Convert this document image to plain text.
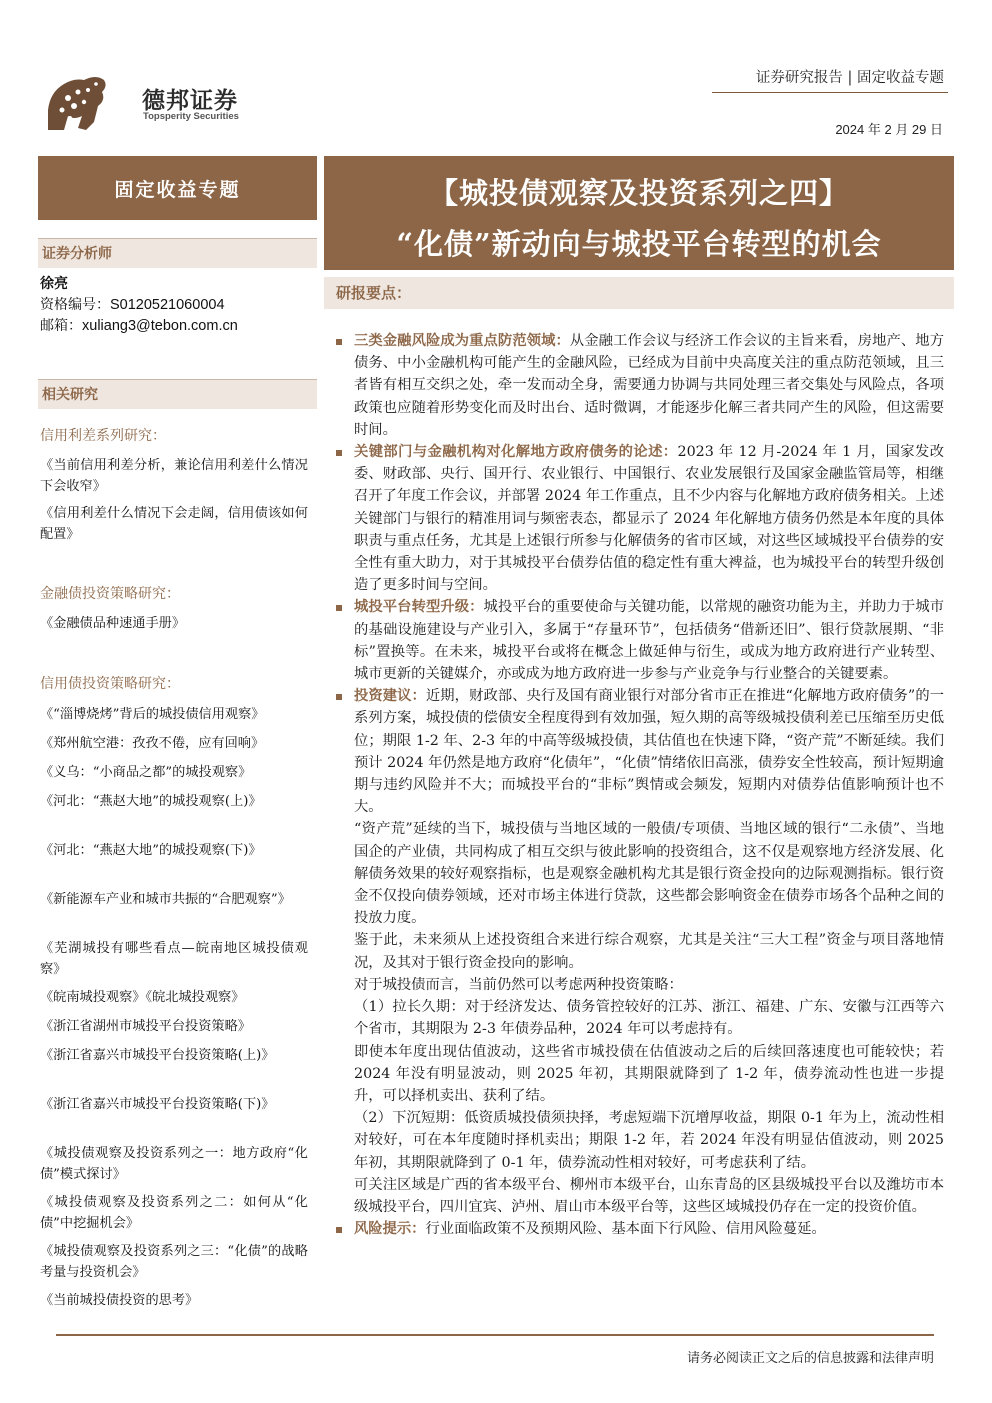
德邦证券
Topsperity Securities
证券研究报告 | 固定收益专题
2024 年 2 月 29 日
固定收益专题
证券分析师
徐亮
资格编号：S0120521060004
邮箱：xuliang3@tebon.com.cn
相关研究
信用利差系列研究：
《当前信用利差分析，兼论信用利差什么情况下会收窄》
《信用利差什么情况下会走阔，信用债该如何配置》
金融债投资策略研究：
《金融债品种速通手册》
信用债投资策略研究：
《“淄博烧烤”背后的城投债信用观察》
《郑州航空港：孜孜不倦，应有回响》
《义乌：“小商品之都”的城投观察》
《河北：“燕赵大地”的城投观察(上)》
《河北：“燕赵大地”的城投观察(下)》
《新能源车产业和城市共振的“合肥观察”》
《芜湖城投有哪些看点—皖南地区城投债观察》
《皖南城投观察》《皖北城投观察》
《浙江省湖州市城投平台投资策略》
《浙江省嘉兴市城投平台投资策略(上)》
《浙江省嘉兴市城投平台投资策略(下)》
《城投债观察及投资系列之一：地方政府“化债”模式探讨》
《城投债观察及投资系列之二：如何从“化债”中挖掘机会》
《城投债观察及投资系列之三：“化债”的战略考量与投资机会》
《当前城投债投资的思考》
【城投债观察及投资系列之四】
“化债”新动向与城投平台转型的机会
研报要点：

三类金融风险成为重点防范领域：从金融工作会议与经济工作会议的主旨来看，房地产、地方债务、中小金融机构可能产生的金融风险，已经成为目前中央高度关注的重点防范领域，且三者皆有相互交织之处，牵一发而动全身，需要通力协调与共同处理三者交集处与风险点，各项政策也应随着形势变化而及时出台、适时微调，才能逐步化解三者共同产生的风险，但这需要时间。

关键部门与金融机构对化解地方政府债务的论述：2023 年 12 月-2024 年 1 月，国家发改委、财政部、央行、国开行、农业银行、中国银行、农业发展银行及国家金融监管局等，相继召开了年度工作会议，并部署 2024 年工作重点，且不少内容与化解地方政府债务相关。上述关键部门与银行的精准用词与频密表态，都显示了 2024 年化解地方债务仍然是本年度的具体职责与重点任务，尤其是上述银行所参与化解债务的省市区域，对这些区域城投平台债券的安全性有重大助力，对于其城投平台债券估值的稳定性有重大裨益，也为城投平台的转型升级创造了更多时间与空间。

城投平台转型升级：城投平台的重要使命与关键功能，以常规的融资功能为主，并助力于城市的基础设施建设与产业引入，多属于“存量环节”，包括债务“借新还旧”、银行贷款展期、“非标”置换等。在未来，城投平台或将在概念上做延伸与衍生，或成为地方政府进行产业转型、城市更新的关键媒介，亦或成为地方政府进一步参与产业竞争与行业整合的关键要素。

投资建议：近期，财政部、央行及国有商业银行对部分省市正在推进“化解地方政府债务”的一系列方案，城投债的偿债安全程度得到有效加强，短久期的高等级城投债利差已压缩至历史低位；期限 1-2 年、2-3 年的中高等级城投债，其估值也在快速下降，“资产荒”不断延续。我们预计 2024 年仍然是地方政府“化债年”，“化债”情绪依旧高涨，债券安全性较高，预计短期逾期与违约风险并不大；而城投平台的“非标”舆情或会频发，短期内对债券估值影响预计也不大。

“资产荒”延续的当下，城投债与当地区域的一般债/专项债、当地区域的银行“二永债”、当地国企的产业债，共同构成了相互交织与彼此影响的投资组合，这不仅是观察地方经济发展、化解债务效果的较好观察指标，也是观察金融机构尤其是银行资金投向的边际观测指标。银行资金不仅投向债券领域，还对市场主体进行贷款，这些都会影响资金在债券市场各个品种之间的投放力度。

鉴于此，未来须从上述投资组合来进行综合观察，尤其是关注“三大工程”资金与项目落地情况，及其对于银行资金投向的影响。

对于城投债而言，当前仍然可以考虑两种投资策略：

（1）拉长久期：对于经济发达、债务管控较好的江苏、浙江、福建、广东、安徽与江西等六个省市，其期限为 2-3 年债券品种，2024 年可以考虑持有。

即使本年度出现估值波动，这些省市城投债在估值波动之后的后续回落速度也可能较快；若 2024 年没有明显波动，则 2025 年初，其期限就降到了 1-2 年，债券流动性也进一步提升，可以择机卖出、获利了结。

（2）下沉短期：低资质城投债须抉择，考虑短端下沉增厚收益，期限 0-1 年为上，流动性相对较好，可在本年度随时择机卖出；期限 1-2 年，若 2024 年没有明显估值波动，则 2025 年初，其期限就降到了 0-1 年，债券流动性相对较好，可考虑获利了结。

可关注区域是广西的省本级平台、柳州市本级平台，山东青岛的区县级城投平台以及潍坊市本级城投平台，四川宜宾、泸州、眉山市本级平台等，这些区域城投仍存在一定的投资价值。

风险提示：行业面临政策不及预期风险、基本面下行风险、信用风险蔓延。

请务必阅读正文之后的信息披露和法律声明
